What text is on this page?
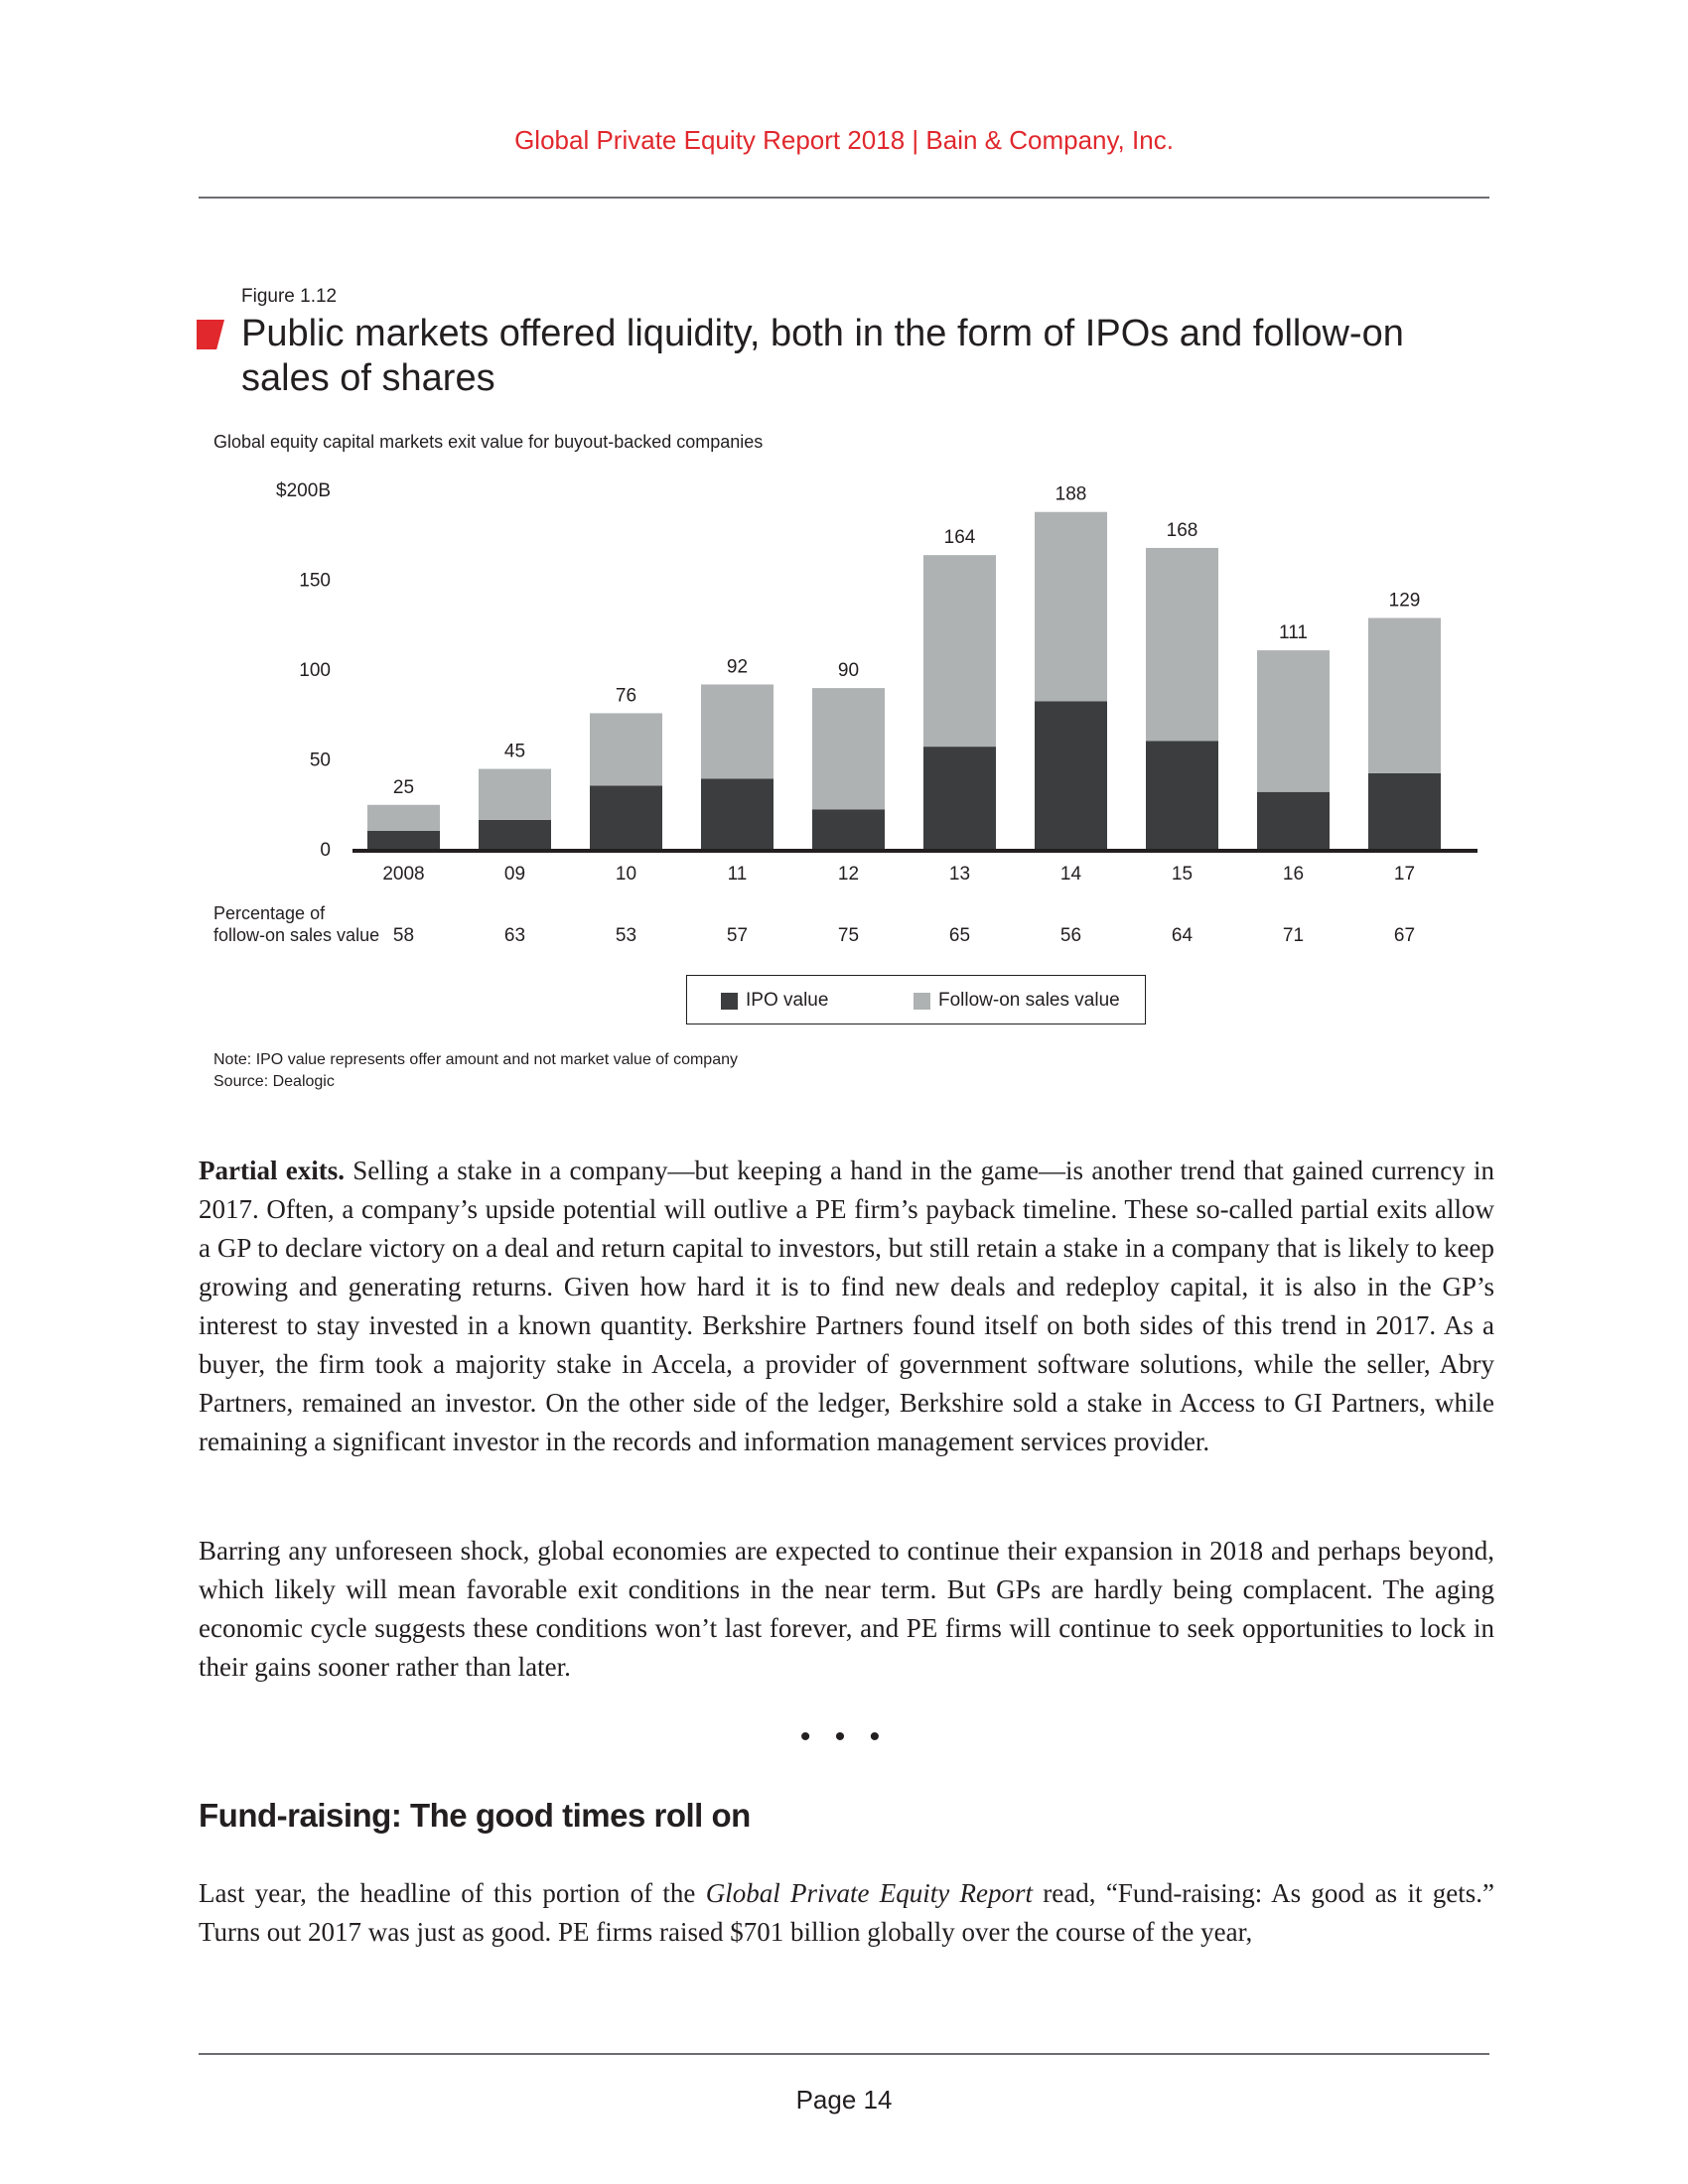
Global Private Equity Report 2018 | Bain & Company, Inc.
Figure 1.12
Public markets offered liquidity, both in the form of IPOs and follow-on sales of shares
Global equity capital markets exit value for buyout-backed companies
$200B
150
100
50
0
25
2008
58
45
09
63
76
10
53
92
11
57
90
12
75
164
13
65
188
14
56
168
15
64
111
16
71
129
17
67
Percentage of
follow-on sales value
IPO value	Follow-on sales value
Note: IPO value represents offer amount and not market value of company
Source: Dealogic

Partial exits. Selling a stake in a company—but keeping a hand in the game—is another trend that gained currency in 2017. Often, a company’s upside potential will outlive a PE firm’s payback timeline. These so-called partial exits allow a GP to declare victory on a deal and return capital to investors, but still retain a stake in a company that is likely to keep growing and generating returns. Given how hard it is to find new deals and redeploy capital, it is also in the GP’s interest to stay invested in a known quantity. Berkshire Partners found itself on both sides of this trend in 2017. As a buyer, the firm took a majority stake in Accela, a provider of government software solutions, while the seller, Abry Partners, remained an investor. On the other side of the ledger, Berkshire sold a stake in Access to GI Partners, while remaining a significant investor in the records and information management services provider.

Barring any unforeseen shock, global economies are expected to continue their expansion in 2018 and perhaps beyond, which likely will mean favorable exit conditions in the near term. But GPs are hardly being complacent. The aging economic cycle suggests these conditions won’t last forever, and PE firms will continue to seek opportunities to lock in their gains sooner rather than later.

• • •
Fund-raising: The good times roll on

Last year, the headline of this portion of the Global Private Equity Report read, “Fund-raising: As good as it gets.” Turns out 2017 was just as good. PE firms raised $701 billion globally over the course of the year,

Page 14
